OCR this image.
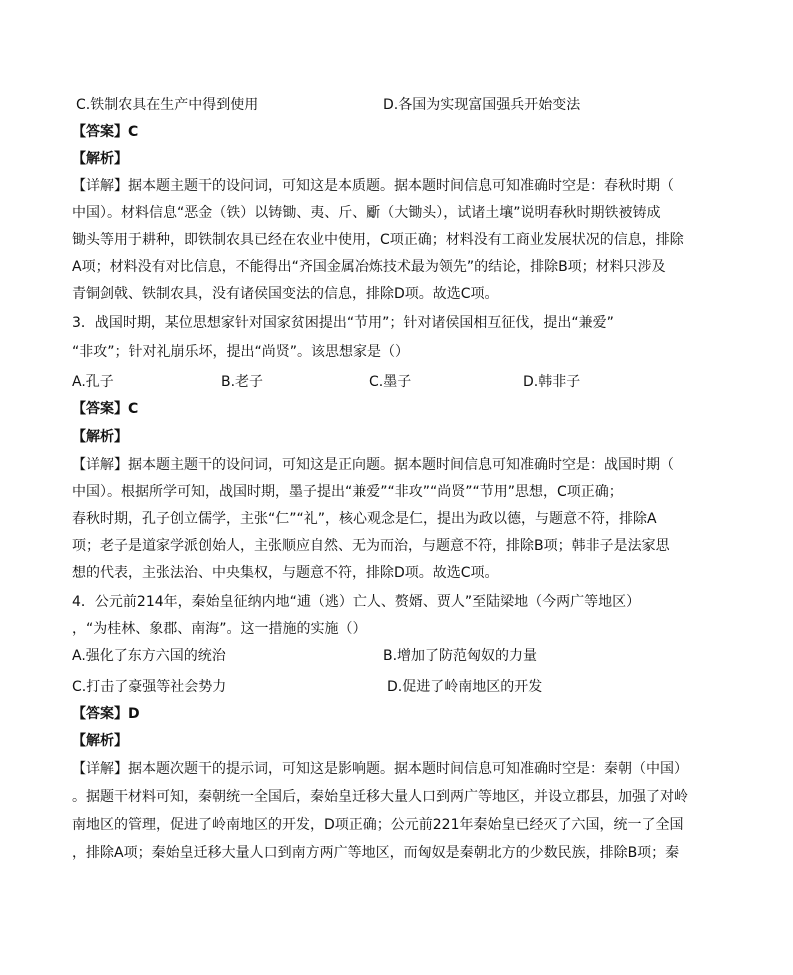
C.铁制农具在生产中得到使用	D.各国为实现富国强兵开始变法
【答案】C
【解析】
【详解】据本题主题干的设问词，可知这是本质题。据本题时间信息可知准确时空是：春秋时期（
中国）。材料信息“恶金（铁）以铸锄、夷、斤、斸（大锄头），试诸土壤”说明春秋时期铁被铸成
锄头等用于耕种，即铁制农具已经在农业中使用，C项正确；材料没有工商业发展状况的信息，排除
A项；材料没有对比信息，不能得出“齐国金属冶炼技术最为领先”的结论，排除B项；材料只涉及
青铜剑戟、铁制农具，没有诸侯国变法的信息，排除D项。故选C项。
3．战国时期，某位思想家针对国家贫困提出“节用”；针对诸侯国相互征伐，提出“兼爱”
“非攻”；针对礼崩乐坏，提出“尚贤”。该思想家是（）
A.孔子	B.老子	C.墨子	D.韩非子
【答案】C
【解析】
【详解】据本题主题干的设问词，可知这是正向题。据本题时间信息可知准确时空是：战国时期（
中国）。根据所学可知，战国时期，墨子提出“兼爱”“非攻”“尚贤”“节用”思想，C项正确；
春秋时期，孔子创立儒学，主张“仁”“礼”，核心观念是仁，提出为政以德，与题意不符，排除A
项；老子是道家学派创始人，主张顺应自然、无为而治，与题意不符，排除B项；韩非子是法家思
想的代表，主张法治、中央集权，与题意不符，排除D项。故选C项。
4．公元前214年，秦始皇征纳内地“逋（逃）亡人、赘婿、贾人”至陆梁地（今两广等地区）
，“为桂林、象郡、南海”。这一措施的实施（）
A.强化了东方六国的统治	B.增加了防范匈奴的力量
C.打击了豪强等社会势力	D.促进了岭南地区的开发
【答案】D
【解析】
【详解】据本题次题干的提示词，可知这是影响题。据本题时间信息可知准确时空是：秦朝（中国）
。据题干材料可知，秦朝统一全国后，秦始皇迁移大量人口到两广等地区，并设立郡县，加强了对岭
南地区的管理，促进了岭南地区的开发，D项正确；公元前221年秦始皇已经灭了六国，统一了全国
，排除A项；秦始皇迁移大量人口到南方两广等地区，而匈奴是秦朝北方的少数民族，排除B项；秦
